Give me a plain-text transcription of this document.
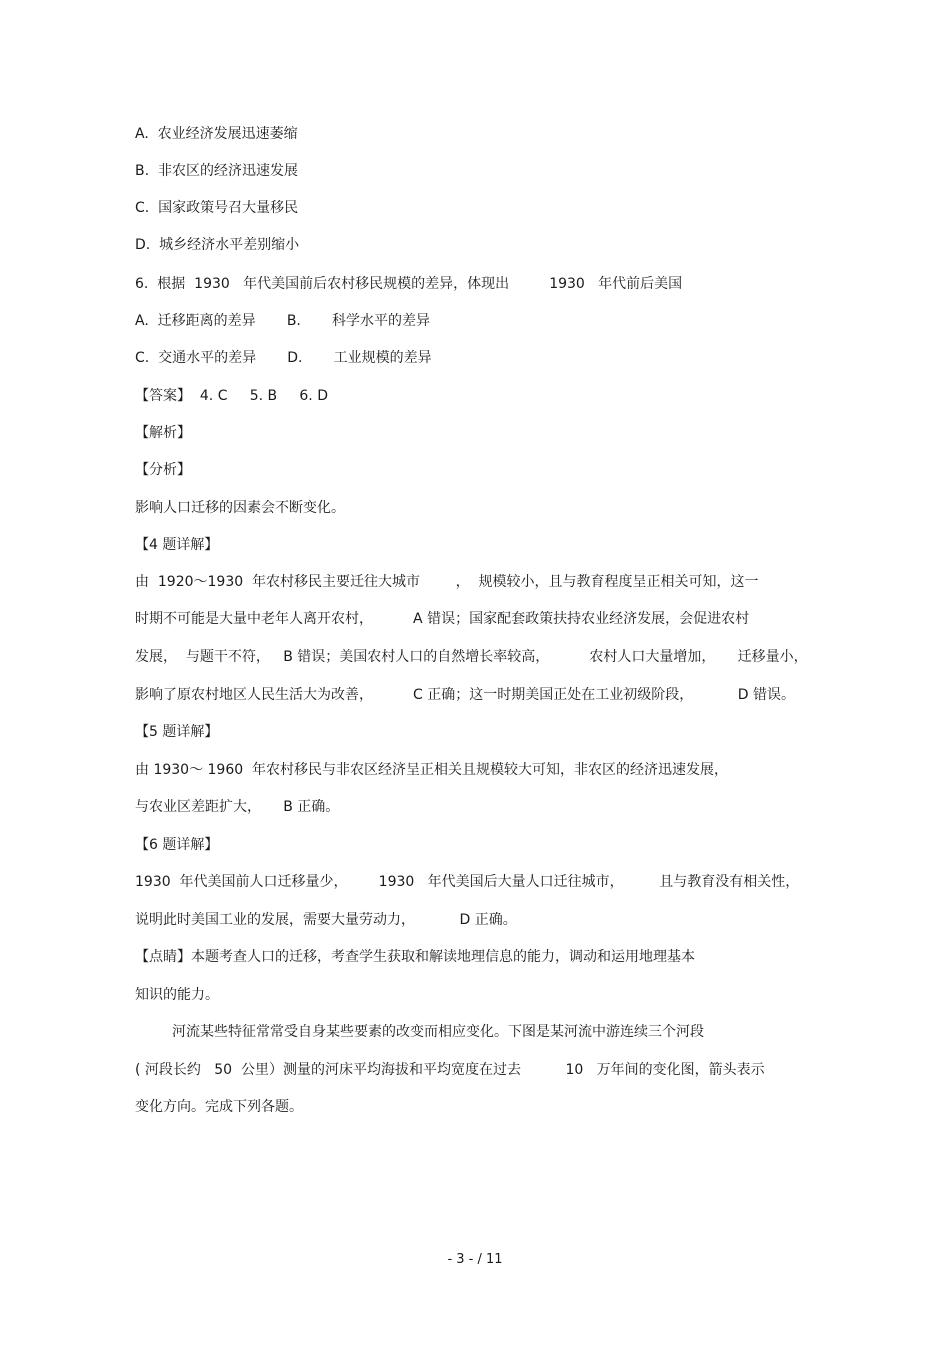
A.  农业经济发展迅速萎缩
B.  非农区的经济迅速发展
C.  国家政策号召大量移民
D.  城乡经济水平差别缩小
6.  根据  1930   年代美国前后农村移民规模的差异，体现出         1930   年代前后美国
A.  迁移距离的差异       B.       科学水平的差异
C.  交通水平的差异       D.       工业规模的差异
【答案】  4. C     5. B     6. D
【解析】
【分析】
影响人口迁移的因素会不断变化。
【4 题详解】
由  1920～1930  年农村移民主要迁往大城市        ，  规模较小，且与教育程度呈正相关可知，这一
时期不可能是大量中老年人离开农村，         A 错误；国家配套政策扶持农业经济发展，会促进农村
发展，  与题干不符，   B 错误；美国农村人口的自然增长率较高，         农村人口大量增加，     迁移量小，
影响了原农村地区人民生活大为改善，         C 正确；这一时期美国正处在工业初级阶段，          D 错误。
【5 题详解】
由 1930～ 1960  年农村移民与非农区经济呈正相关且规模较大可知，非农区的经济迅速发展，
与农业区差距扩大，     B 正确。
【6 题详解】
1930  年代美国前人口迁移量少，       1930   年代美国后大量人口迁往城市，        且与教育没有相关性，
说明此时美国工业的发展，需要大量劳动力，          D 正确。
【点睛】本题考查人口的迁移，考查学生获取和解读地理信息的能力，调动和运用地理基本
知识的能力。
河流某些特征常常受自身某些要素的改变而相应变化。下图是某河流中游连续三个河段
( 河段长约   50  公里）测量的河床平均海拔和平均宽度在过去          10   万年间的变化图，箭头表示
变化方向。完成下列各题。
- 3 - / 11
